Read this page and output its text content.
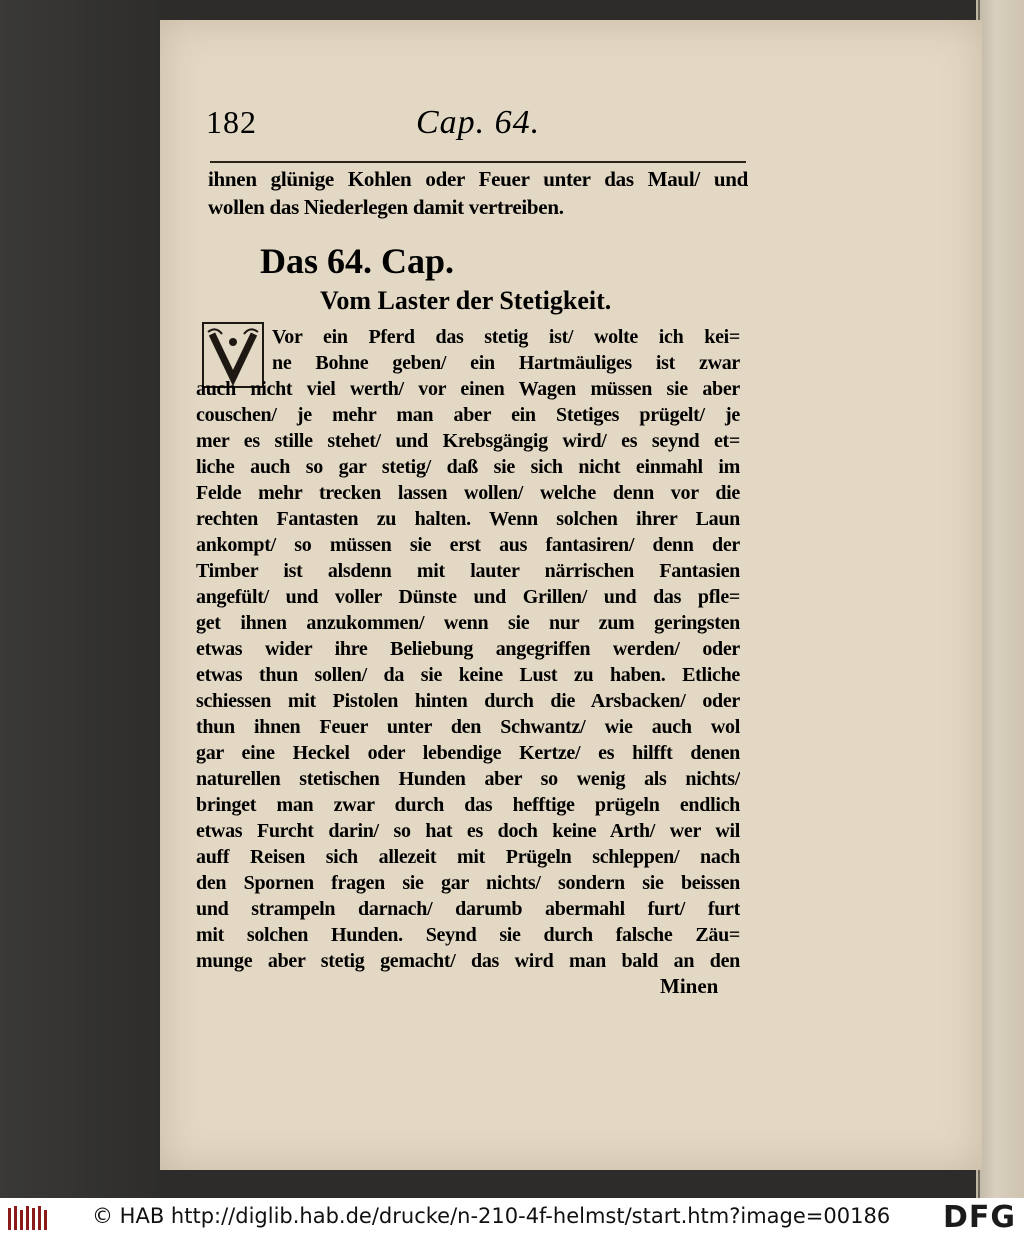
182	Cap. 64.
ihnen glünige Kohlen oder Feuer unter das Maul/ und
wollen das Niederlegen damit vertreiben.
Das 64. Cap.
Vom Laster der Stetigkeit.
Vor ein Pferd das stetig ist/ wolte ich kei=
ne Bohne geben/ ein Hartmäuliges ist zwar
auch nicht viel werth/ vor einen Wagen müssen sie aber
couschen/ je mehr man aber ein Stetiges prügelt/ je
mer es stille stehet/ und Krebsgängig wird/ es seynd et=
liche auch so gar stetig/ daß sie sich nicht einmahl im
Felde mehr trecken lassen wollen/ welche denn vor die
rechten Fantasten zu halten. Wenn solchen ihrer Laun
ankompt/ so müssen sie erst aus fantasiren/ denn der
Timber ist alsdenn mit lauter närrischen Fantasien
angefült/ und voller Dünste und Grillen/ und das pfle=
get ihnen anzukommen/ wenn sie nur zum geringsten
etwas wider ihre Beliebung angegriffen werden/ oder
etwas thun sollen/ da sie keine Lust zu haben. Etliche
schiessen mit Pistolen hinten durch die Arsbacken/ oder
thun ihnen Feuer unter den Schwantz/ wie auch wol
gar eine Heckel oder lebendige Kertze/ es hilfft denen
naturellen stetischen Hunden aber so wenig als nichts/
bringet man zwar durch das hefftige prügeln endlich
etwas Furcht darin/ so hat es doch keine Arth/ wer wil
auff Reisen sich allezeit mit Prügeln schleppen/ nach
den Spornen fragen sie gar nichts/ sondern sie beissen
und strampeln darnach/ darumb abermahl furt/ furt
mit solchen Hunden. Seynd sie durch falsche Zäu=
munge aber stetig gemacht/ das wird man bald an den
Minen
© HAB http://diglib.hab.de/drucke/n-210-4f-helmst/start.htm?image=00186 DFG
